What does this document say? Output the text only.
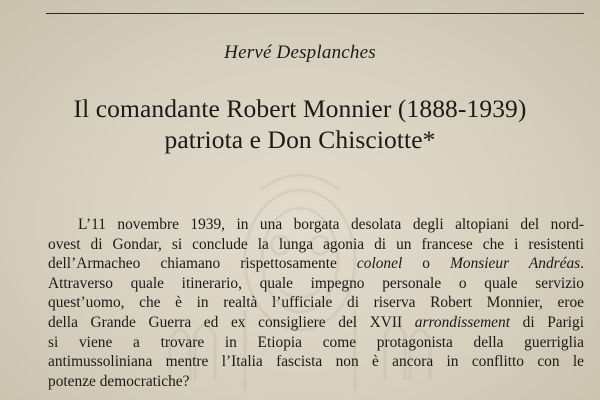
Hervé Desplanches
Il comandante Robert Monnier (1888-1939)
patriota e Don Chisciotte*
L’11 novembre 1939, in una borgata desolata degli altopiani del nord-
ovest di Gondar, si conclude la lunga agonia di un francese che i resistenti
dell’Armacheo chiamano rispettosamente colonel o Monsieur Andréas.
Attraverso quale itinerario, quale impegno personale o quale servizio
quest’uomo, che è in realtà l’ufficiale di riserva Robert Monnier, eroe
della Grande Guerra ed ex consigliere del XVII arrondissement di Parigi
si viene a trovare in Etiopia come protagonista della guerriglia
antimussoliniana mentre l’Italia fascista non è ancora in conflitto con le
potenze democratiche?
